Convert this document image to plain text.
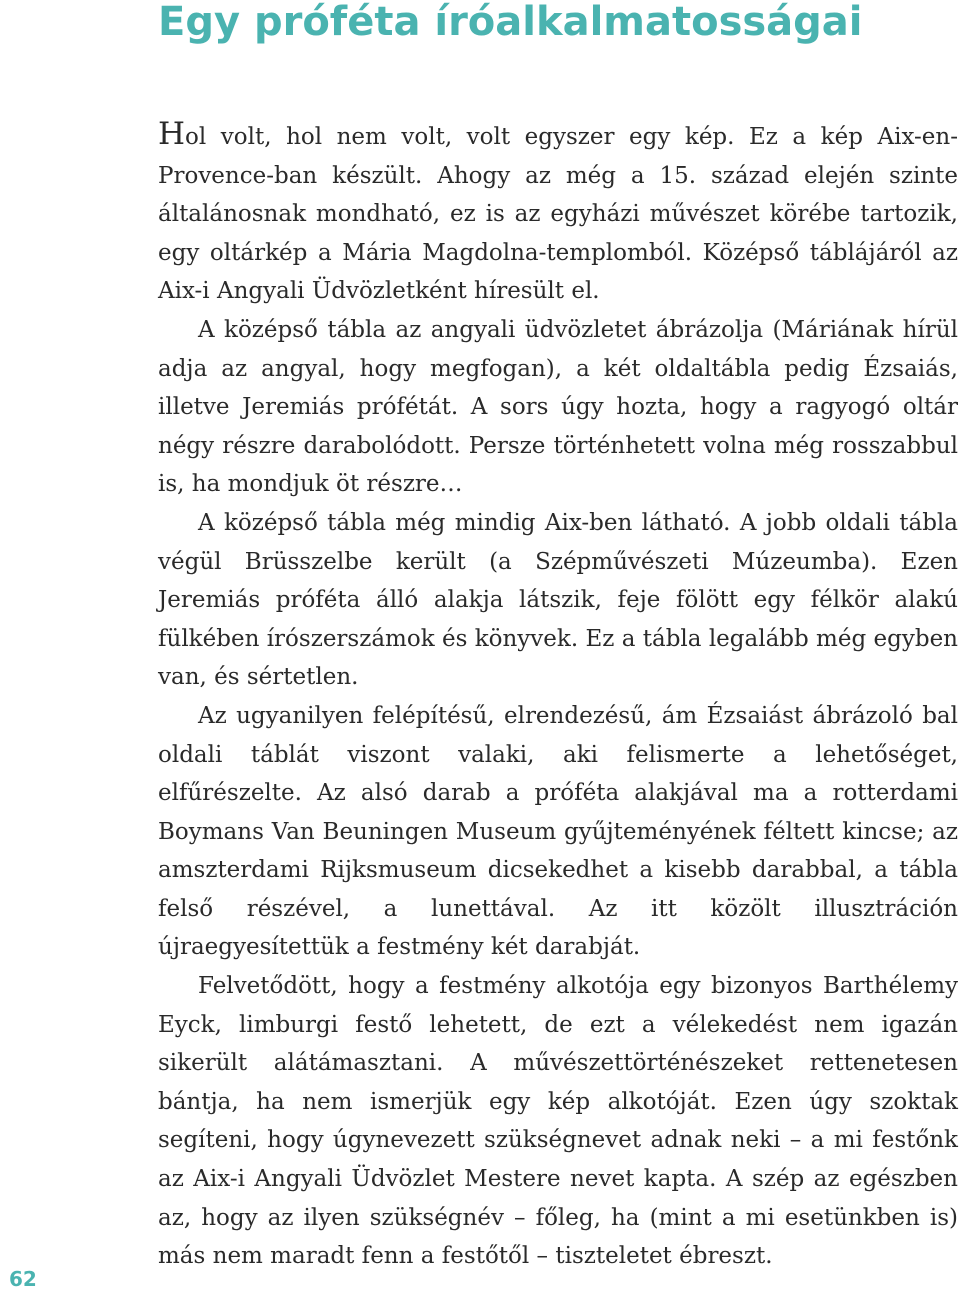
Egy próféta íróalkalmatosságai

Hol volt, hol nem volt, volt egyszer egy kép. Ez a kép Aix-en-Provence-ban készült. Ahogy az még a 15. század elején szinte általánosnak mondható, ez is az egyházi művészet körébe tartozik, egy oltárkép a Mária Magdolna-templomból. Középső táblájáról az Aix-i Angyali Üdvözletként híresült el.

A középső tábla az angyali üdvözletet ábrázolja (Máriának hírül adja az angyal, hogy megfogan), a két oldaltábla pedig Ézsaiás, illetve Jeremiás prófétát. A sors úgy hozta, hogy a ragyogó oltár négy részre darabolódott. Persze történhetett volna még rosszabbul is, ha mondjuk öt részre…

A középső tábla még mindig Aix-ben látható. A jobb oldali tábla végül Brüsszelbe került (a Szépművészeti Múzeumba). Ezen Jeremiás próféta álló alakja látszik, feje fölött egy félkör alakú fülkében írószerszámok és könyvek. Ez a tábla legalább még egyben van, és sértetlen.

Az ugyanilyen felépítésű, elrendezésű, ám Ézsaiást ábrázoló bal oldali táblát viszont valaki, aki felismerte a lehetőséget, elfűrészelte. Az alsó darab a próféta alakjával ma a rotterdami Boymans Van Beuningen Museum gyűjteményének féltett kincse; az amszterdami Rijksmuseum dicsekedhet a kisebb darabbal, a tábla felső részével, a lunettával. Az itt közölt illusztráción újraegyesítettük a festmény két darabját.

Felvetődött, hogy a festmény alkotója egy bizonyos Barthélemy Eyck, limburgi festő lehetett, de ezt a vélekedést nem igazán sikerült alátámasztani. A művészettörténészeket rettenetesen bántja, ha nem ismerjük egy kép alkotóját. Ezen úgy szoktak segíteni, hogy úgynevezett szükségnevet adnak neki – a mi festőnk az Aix-i Angyali Üdvözlet Mestere nevet kapta. A szép az egészben az, hogy az ilyen szükségnév – főleg, ha (mint a mi esetünkben is) más nem maradt fenn a festőtől – tiszteletet ébreszt.

62
